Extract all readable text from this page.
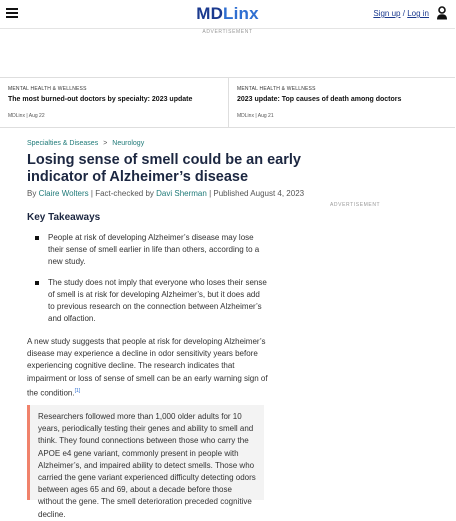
MDLinx	Sign up / Log in
ADVERTISEMENT
MENTAL HEALTH & WELLNESS
The most burned-out doctors by specialty: 2023 update
MDLinx | Aug 22
MENTAL HEALTH & WELLNESS
2023 update: Top causes of death among doctors
MDLinx | Aug 21
Specialties & Diseases > Neurology
Losing sense of smell could be an early indicator of Alzheimer’s disease
By Claire Wolters | Fact-checked by Davi Sherman | Published August 4, 2023
ADVERTISEMENT
Key Takeaways
People at risk of developing Alzheimer’s disease may lose their sense of smell earlier in life than others, according to a new study.
The study does not imply that everyone who loses their sense of smell is at risk for developing Alzheimer’s, but it does add to previous research on the connection between Alzheimer’s and olfaction.

A new study suggests that people at risk for developing Alzheimer’s disease may experience a decline in odor sensitivity years before experiencing cognitive decline. The research indicates that impairment or loss of sense of smell can be an early warning sign of the condition.[1]

Researchers followed more than 1,000 older adults for 10 years, periodically testing their genes and ability to smell and think. They found connections between those who carry the APOE e4 gene variant, commonly present in people with Alzheimer’s, and impaired ability to detect smells. Those who carried the gene variant experienced difficulty detecting odors between ages 65 and 69, about a decade before those without the gene. The smell deterioration preceded cognitive decline.
